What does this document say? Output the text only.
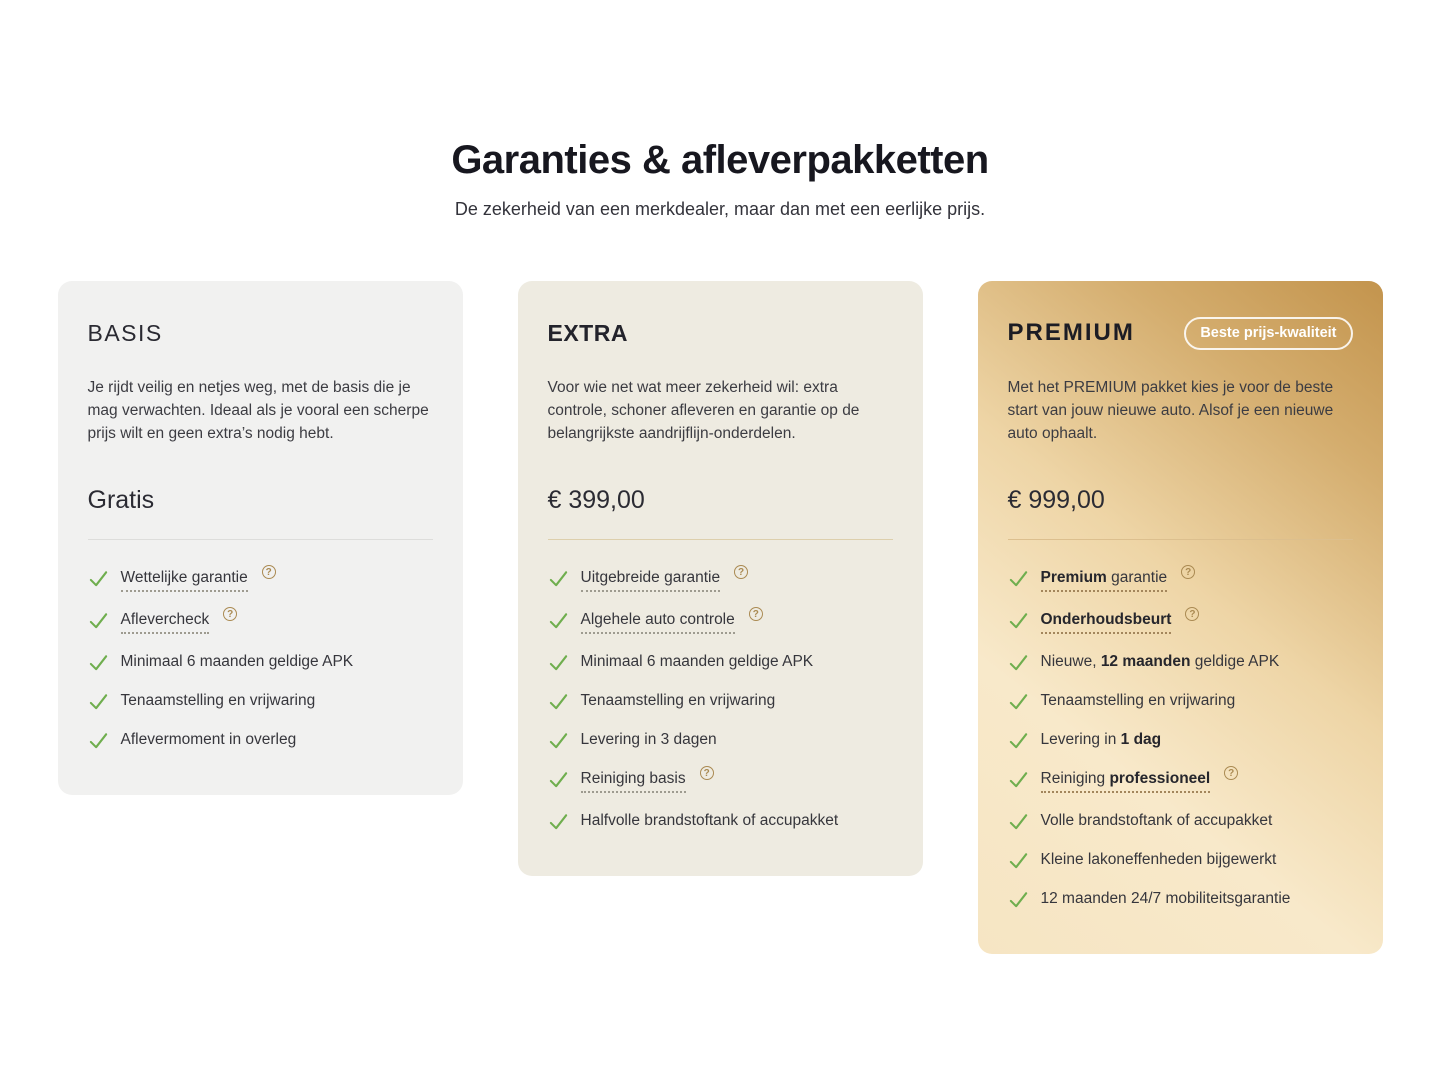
Garanties & afleverpakketten

De zekerheid van een merkdealer, maar dan met een eerlijke prijs.

BASIS

Je rijdt veilig en netjes weg, met de basis die je mag verwachten. Ideaal als je vooral een scherpe prijs wilt en geen extra’s nodig hebt.

Gratis
Wettelijke garantie	?
Aflevercheck	?
Minimaal 6 maanden geldige APK
Tenaamstelling en vrijwaring
Aflevermoment in overleg
EXTRA

Voor wie net wat meer zekerheid wil: extra controle, schoner afleveren en garantie op de belangrijkste aandrijflijn-onderdelen.

€ 399,00
Uitgebreide garantie	?
Algehele auto controle	?
Minimaal 6 maanden geldige APK
Tenaamstelling en vrijwaring
Levering in 3 dagen
Reiniging basis	?
Halfvolle brandstoftank of accupakket
PREMIUM	Beste prijs-kwaliteit

Met het PREMIUM pakket kies je voor de beste start van jouw nieuwe auto. Alsof je een nieuwe auto ophaalt.

€ 999,00
Premium garantie	?
Onderhoudsbeurt	?
Nieuwe, 12 maanden geldige APK
Tenaamstelling en vrijwaring
Levering in 1 dag
Reiniging professioneel	?
Volle brandstoftank of accupakket
Kleine lakoneffenheden bijgewerkt
12 maanden 24/7 mobiliteitsgarantie
